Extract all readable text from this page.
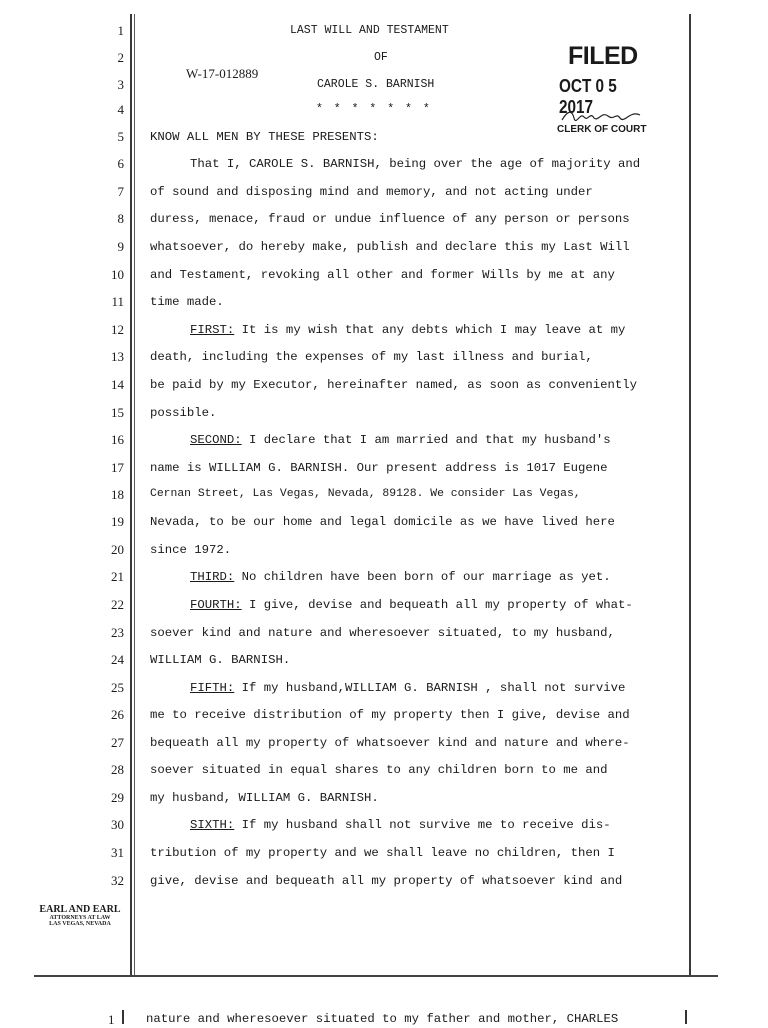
1
2
3
4
5
6
7
8
9
10
11
12
13
14
15
16
17
18
19
20
21
22
23
24
25
26
27
28
29
30
31
32
LAST WILL AND TESTAMENT
OF
CAROLE S. BARNISH
* * * * * * *
W-17-012889
FILED
OCT 0 5 2017
CLERK OF COURT
KNOW ALL MEN BY THESE PRESENTS:
That I, CAROLE S. BARNISH, being over the age of majority and
of sound and disposing mind and memory, and not acting under
duress, menace, fraud or undue influence of any person or persons
whatsoever, do hereby make, publish and declare this my Last Will
and Testament, revoking all other and former Wills by me at any
time made.
FIRST: It is my wish that any debts which I may leave at my
death, including the expenses of my last illness and burial,
be paid by my Executor, hereinafter named, as soon as conveniently
possible.
SECOND: I declare that I am married and that my husband's
name is WILLIAM G. BARNISH. Our present address is 1017 Eugene
Cernan Street, Las Vegas, Nevada, 89128. We consider Las Vegas,
Nevada, to be our home and legal domicile as we have lived here
since 1972.
THIRD: No children have been born of our marriage as yet.
FOURTH: I give, devise and bequeath all my property of what-
soever kind and nature and wheresoever situated, to my husband,
WILLIAM G. BARNISH.
FIFTH: If my husband,WILLIAM G. BARNISH , shall not survive
me to receive distribution of my property then I give, devise and
bequeath all my property of whatsoever kind and nature and where-
soever situated in equal shares to any children born to me and
my husband, WILLIAM G. BARNISH.
SIXTH: If my husband shall not survive me to receive dis-
tribution of my property and we shall leave no children, then I
give, devise and bequeath all my property of whatsoever kind and
EARL AND EARL
ATTORNEYS AT LAW
LAS VEGAS, NEVADA
1	nature and wheresoever situated to my father and mother, CHARLES
